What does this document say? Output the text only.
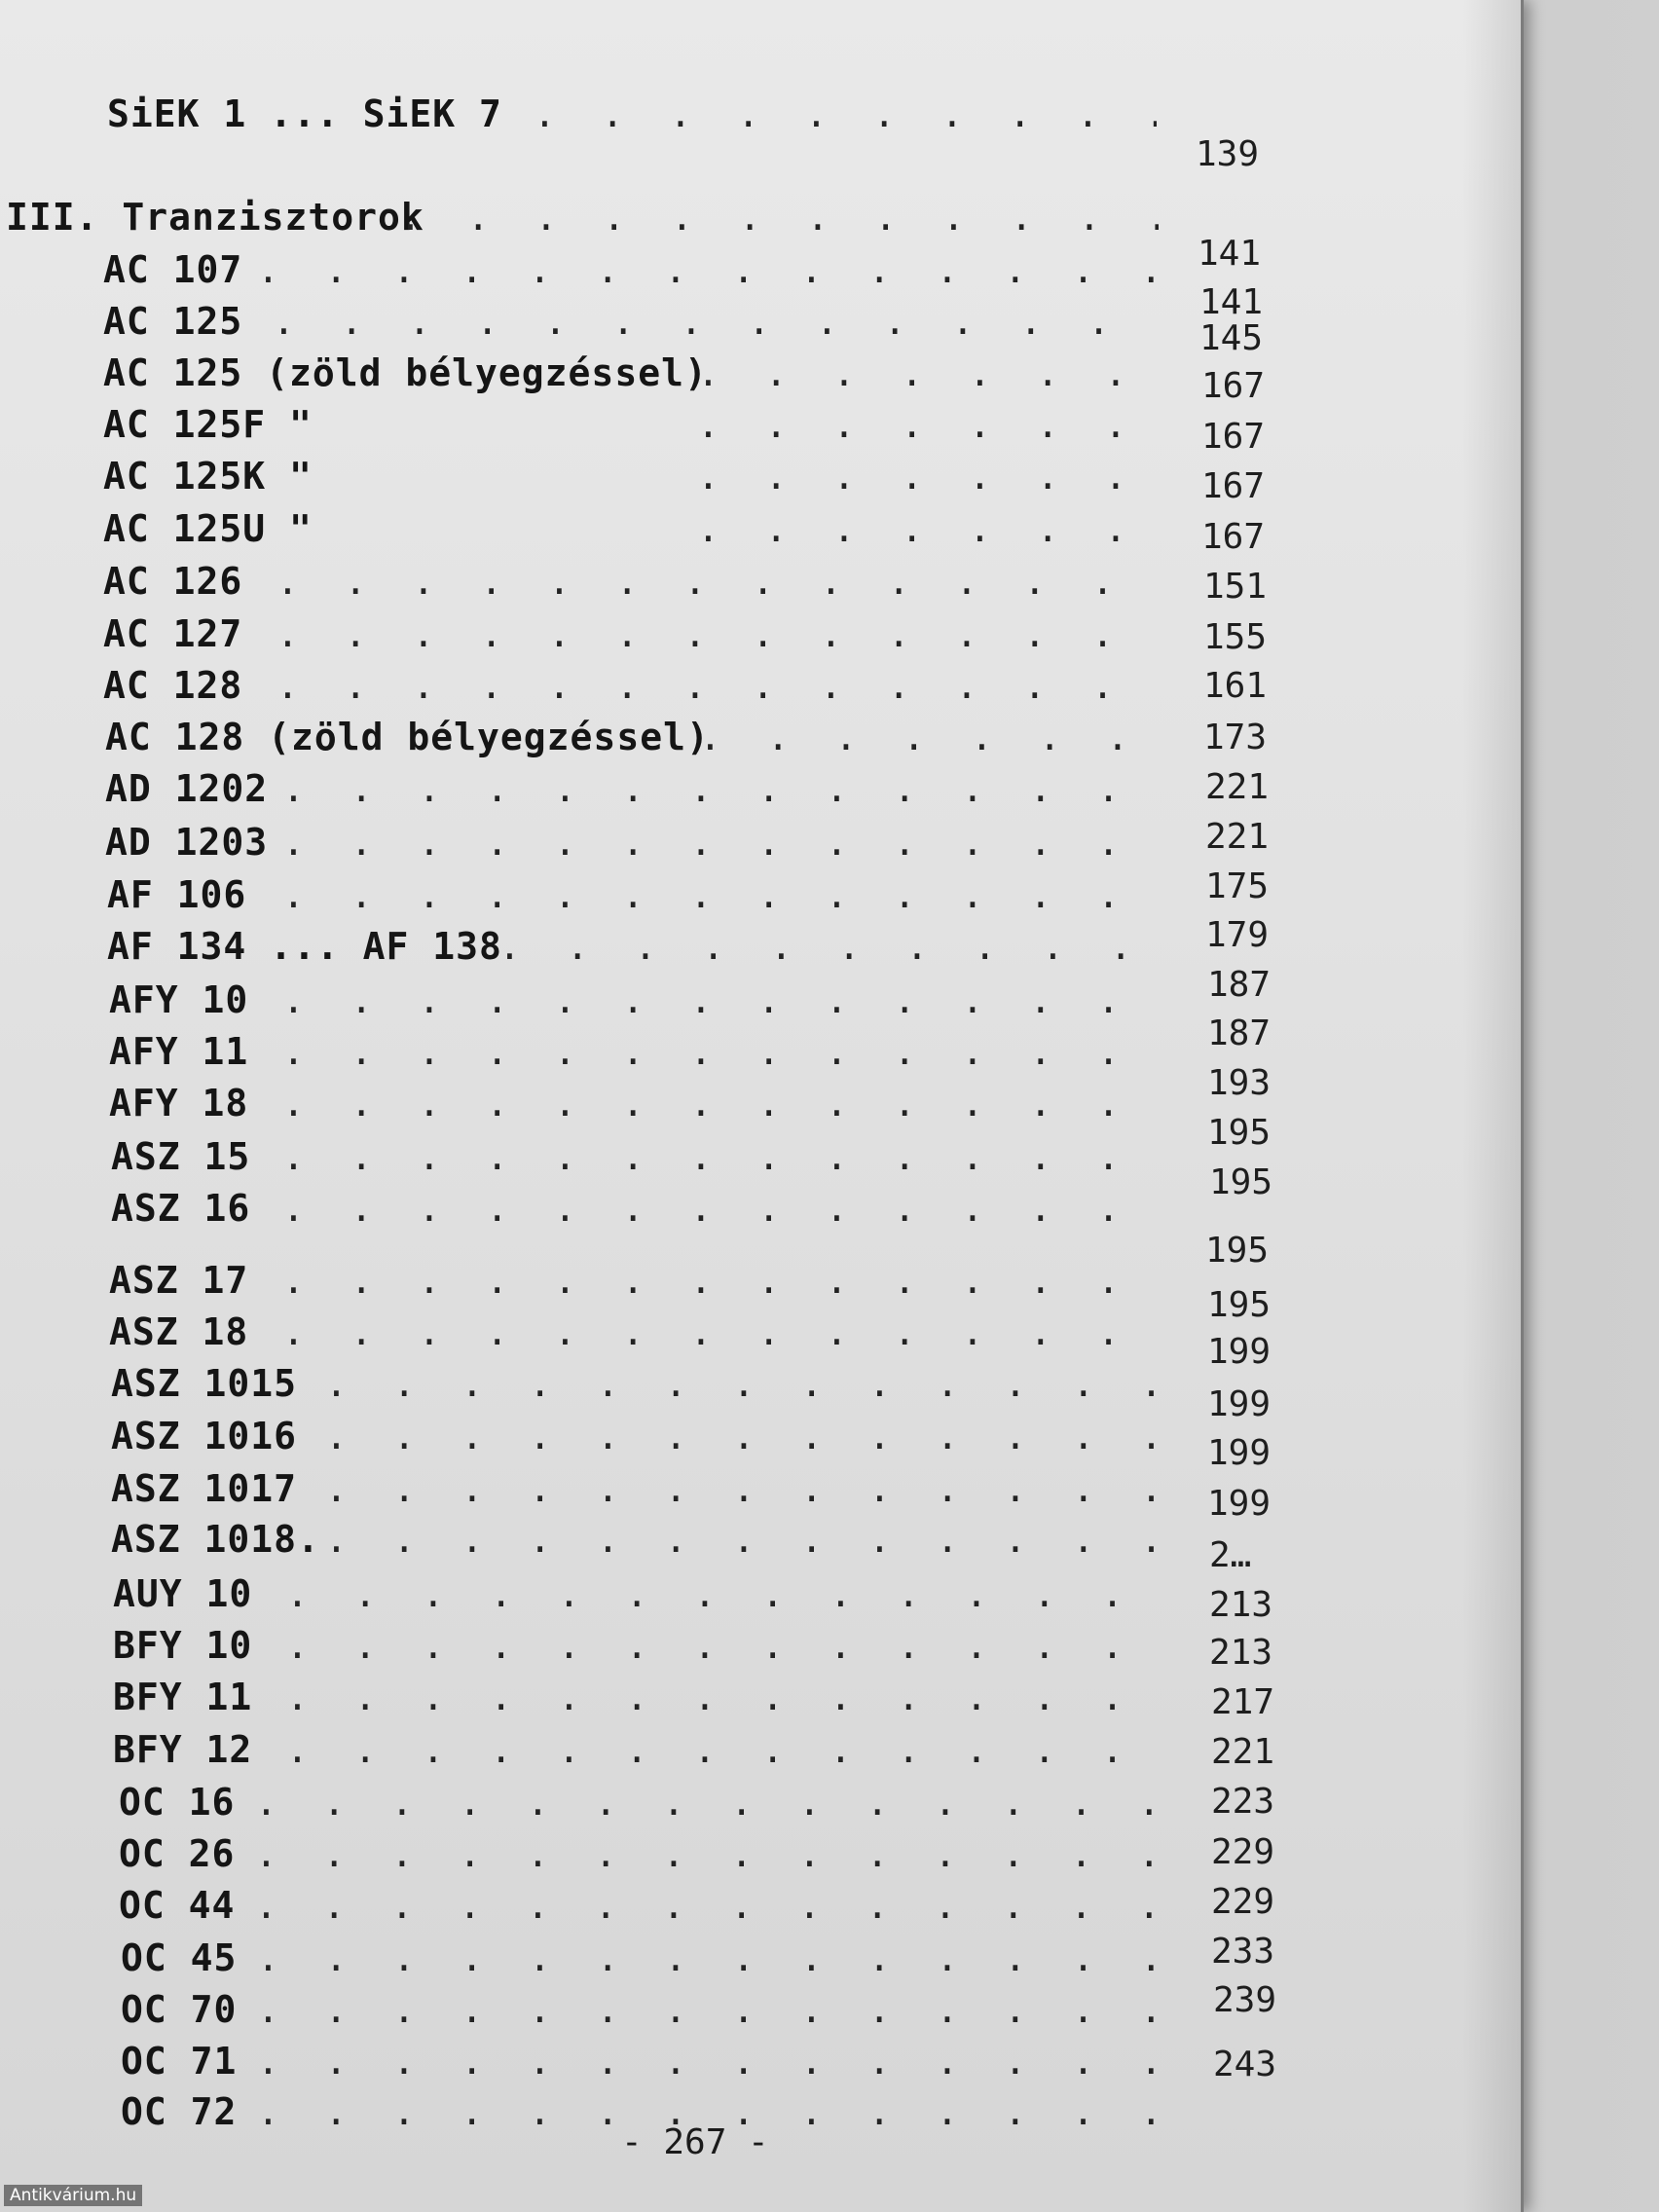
SiEK 1 ... SiEK 7
III. Tranzisztorok
AC 107
AC 125
AC 125 (zöld bélyegzéssel)
AC 125F "
AC 125K "
AC 125U "
AC 126
AC 127
AC 128
AC 128 (zöld bélyegzéssel)
AD 1202
AD 1203
AF 106
AF 134 ... AF 138
AFY 10
AFY 11
AFY 18
ASZ 15
ASZ 16
ASZ 17
ASZ 18
ASZ 1015
ASZ 1016
ASZ 1017
ASZ 1018.
AUY 10
BFY 10
BFY 11
BFY 12
OC 16
OC 26
OC 44
OC 45
OC 70
OC 71
OC 72
. . .
. . .
. . .
. . .
. . .
. . .
. . .
. . .
. . .
. . .
. . .
. . .
. . .
. . .
. . .
. . .
. . .
. . .
. . .
. . .
. . .
. . .
. . .
. . .
. . .
. . .
. . .
. . .
. . .
. . .
. . .
. . .
. . .
. . .
. . .
. . .
. . .
. . .
139
141
141
145
167
167
167
167
151
155
161
173
221
221
175
179
187
187
193
195
195
195
195
199
199
199
199
2…
213
213
217
221
223
229
229
233
239
243
- 267 -
Antikvárium.hu
